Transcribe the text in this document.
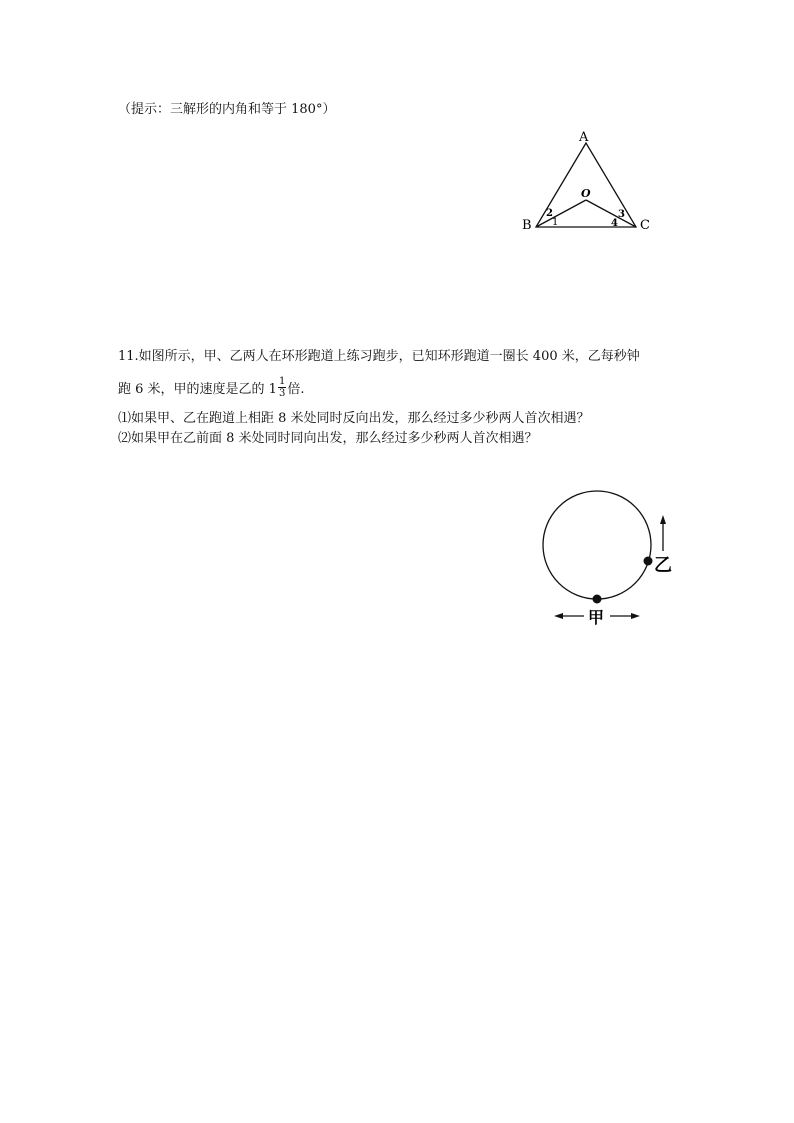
（提示：三解形的内角和等于 180°）
A
B	C
O
1
2	3
4
11.如图所示，甲、乙两人在环形跑道上练习跑步，已知环形跑道一圈长 400 米，乙每秒钟
跑 6 米，甲的速度是乙的 $1 \frac{1}{3}$ 倍.
⑴如果甲、乙在跑道上相距 8 米处同时反向出发，那么经过多少秒两人首次相遇？
⑵如果甲在乙前面 8 米处同时同向出发，那么经过多少秒两人首次相遇？
乙
甲
